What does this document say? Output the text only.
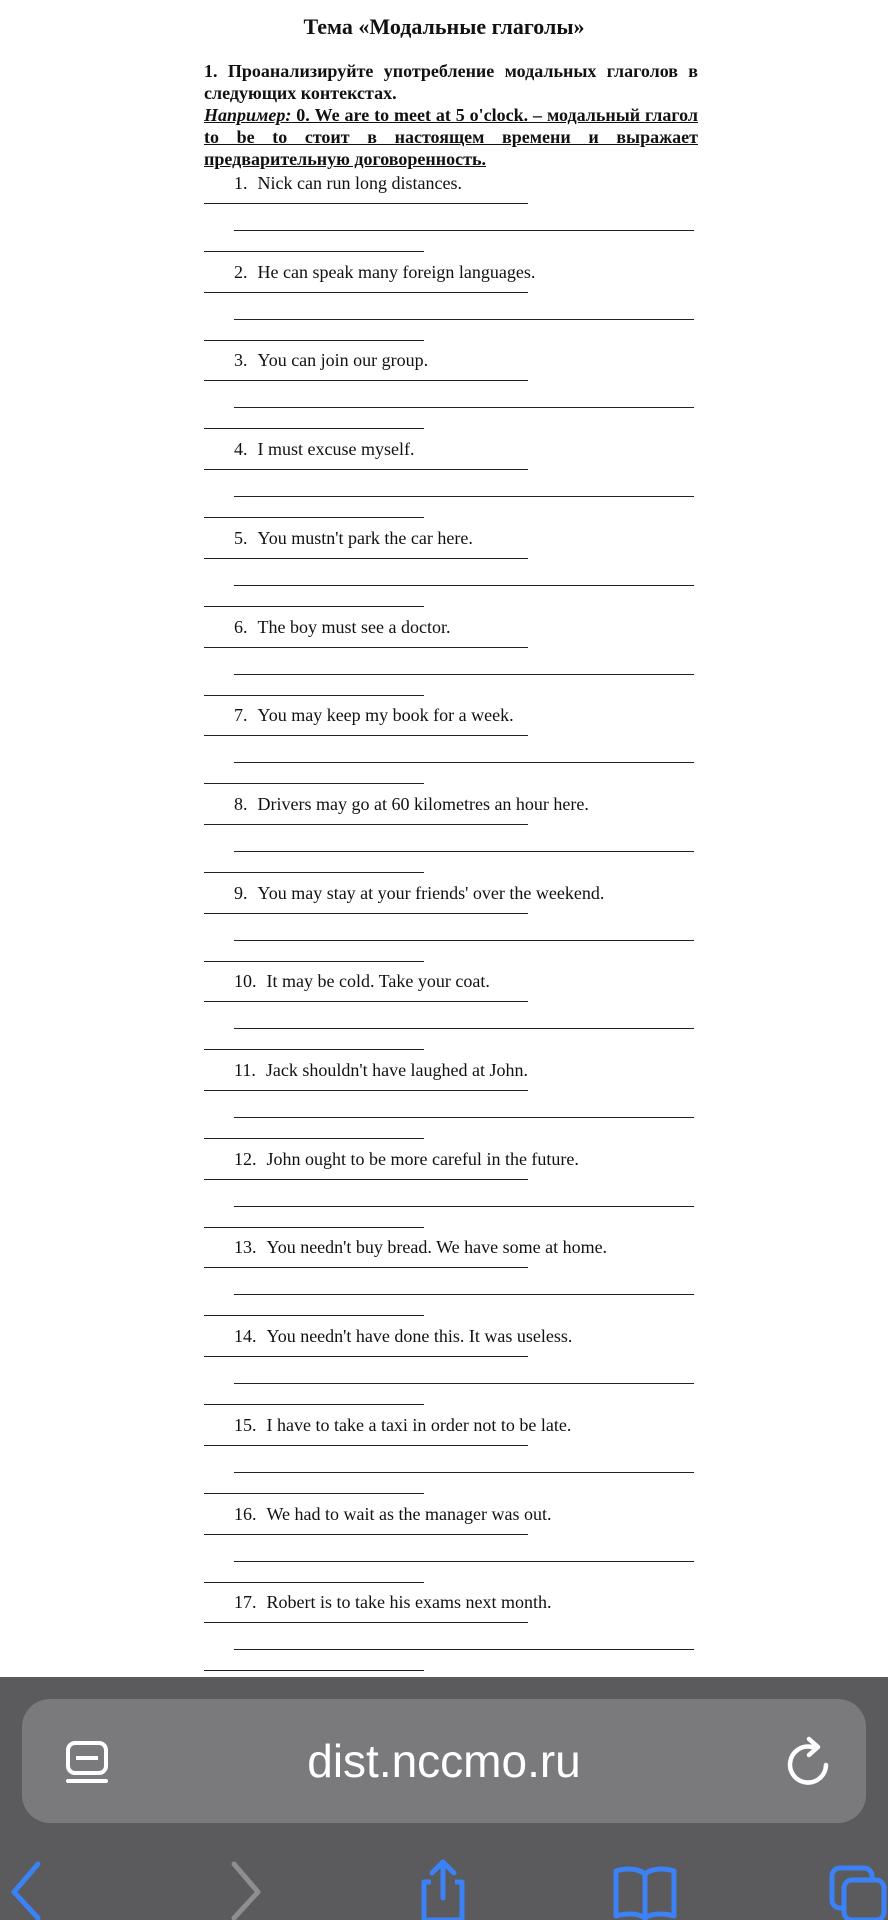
Тема «Модальные глаголы»

1. Проанализируйте употребление модальных глаголов в следующих контекстах.

Например: 0. We are to meet at 5 o'clock. – модальный глагол to be to стоит в настоящем времени и выражает предварительную договоренность.

1. Nick can run long distances.
2. He can speak many foreign languages.
3. You can join our group.
4. I must excuse myself.
5. You mustn't park the car here.
6. The boy must see a doctor.
7. You may keep my book for a week.
8. Drivers may go at 60 kilometres an hour here.
9. You may stay at your friends' over the weekend.
10. It may be cold. Take your coat.
11. Jack shouldn't have laughed at John.
12. John ought to be more careful in the future.
13. You needn't buy bread. We have some at home.
14. You needn't have done this. It was useless.
15. I have to take a taxi in order not to be late.
16. We had to wait as the manager was out.
17. Robert is to take his exams next month.
dist.nccmo.ru
